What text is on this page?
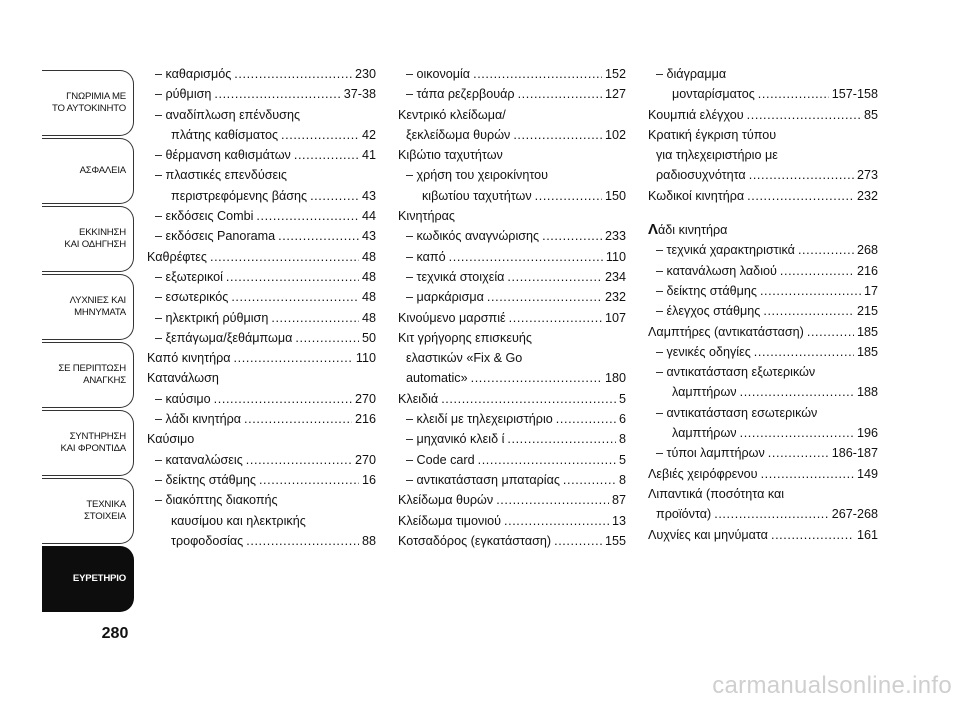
ΓΝΩΡΙΜΙΑ ΜΕ
ΤΟ ΑΥΤΟΚΙΝΗΤΟ
ΑΣΦΑΛΕΙΑ
ΕΚΚΙΝΗΣΗ
ΚΑΙ ΟΔΗΓΗΣΗ
ΛΥΧΝΙΕΣ ΚΑΙ
ΜΗΝΥΜΑΤΑ
ΣΕ ΠΕΡΙΠΤΩΣΗ
ΑΝΑΓΚΗΣ
ΣΥΝΤΗΡΗΣΗ
ΚΑΙ ΦΡΟΝΤΙΔΑ
ΤΕΧΝΙΚΑ
ΣΤΟΙΧΕΙΑ
ΕΥΡΕΤΗΡΙΟ
280
– καθαρισμός .....	230
– ρύθμιση .....	37-38
– αναδίπλωση επένδυσης
πλάτης καθίσματος .....	42
– θέρμανση καθισμάτων .....	41
– πλαστικές επενδύσεις
περιστρεφόμενης βάσης .....	43
– εκδόσεις Combi .....	44
– εκδόσεις Panorama .....	43
Καθρέφτες .....	48
– εξωτερικοί .....	48
– εσωτερικός .....	48
– ηλεκτρική ρύθμιση .....	48
– ξεπάγωμα/ξεθάμπωμα .....	50
Καπό κινητήρα .....	110
Κατανάλωση
– καύσιμο .....	270
– λάδι κινητήρα .....	216
Καύσιμο
– καταναλώσεις .....	270
– δείκτης στάθμης .....	16
– διακόπτης διακοπής
καυσίμου και ηλεκτρικής
τροφοδοσίας .....	88
– οικονομία .....	152
– τάπα ρεζερβουάρ .....	127
Κεντρικό κλείδωμα/
ξεκλείδωμα θυρών .....	102
Κιβώτιο ταχυτήτων
– χρήση του χειροκίνητου
κιβωτίου ταχυτήτων .....	150
Κινητήρας
– κωδικός αναγνώρισης .....	233
– καπό .....	110
– τεχνικά στοιχεία .....	234
– μαρκάρισμα .....	232
Κινούμενο μαρσπιέ .....	107
Κιτ γρήγορης επισκευής
ελαστικών «Fix & Go
automatic» .....	180
Κλειδιά .....	5
– κλειδί με τηλεχειριστήριο .....	6
– μηχανικό κλειδ ί .....	8
– Code card .....	5
– αντικατάσταση μπαταρίας .....	8
Κλείδωμα θυρών .....	87
Κλείδωμα τιμονιού .....	13
Κοτσαδόρος (εγκατάσταση) .....	155
– διάγραμμα
μονταρίσματος .....	157-158
Κουμπιά ελέγχου .....	85
Κρατική έγκριση τύπου
για τηλεχειριστήριο με
ραδιοσυχνότητα .....	273
Κωδικοί κινητήρα .....	232
Λάδι κινητήρα
– τεχνικά χαρακτηριστικά .....	268
– κατανάλωση λαδιού .....	216
– δείκτης στάθμης .....	17
– έλεγχος στάθμης .....	215
Λαμπτήρες (αντικατάσταση) .....	185
– γενικές οδηγίες .....	185
– αντικατάσταση εξωτερικών
λαμπτήρων .....	188
– αντικατάσταση εσωτερικών
λαμπτήρων .....	196
– τύποι λαμπτήρων .....	186-187
Λεβιές χειρόφρενου .....	149
Λιπαντικά (ποσότητα και
προϊόντα) .....	267-268
Λυχνίες και μηνύματα .....	161
carmanualsonline.info
